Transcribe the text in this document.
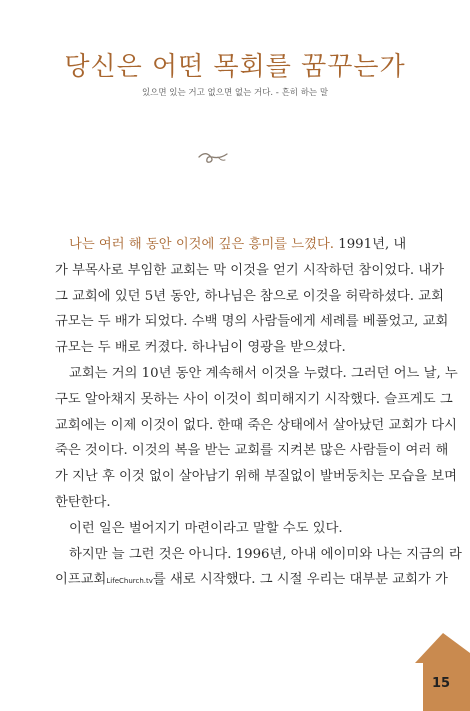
당신은 어떤 목회를 꿈꾸는가
있으면 있는 거고 없으면 없는 거다. - 흔히 하는 말
나는 여러 해 동안 이것에 깊은 흥미를 느꼈다. 1991년, 내
가 부목사로 부임한 교회는 막 이것을 얻기 시작하던 참이었다. 내가
그 교회에 있던 5년 동안, 하나님은 참으로 이것을 허락하셨다. 교회
규모는 두 배가 되었다. 수백 명의 사람들에게 세례를 베풀었고, 교회
규모는 두 배로 커졌다. 하나님이 영광을 받으셨다.
교회는 거의 10년 동안 계속해서 이것을 누렸다. 그러던 어느 날, 누
구도 알아채지 못하는 사이 이것이 희미해지기 시작했다. 슬프게도 그
교회에는 이제 이것이 없다. 한때 죽은 상태에서 살아났던 교회가 다시
죽은 것이다. 이것의 복을 받는 교회를 지켜본 많은 사람들이 여러 해
가 지난 후 이것 없이 살아남기 위해 부질없이 발버둥치는 모습을 보며
한탄한다.
이런 일은 벌어지기 마련이라고 말할 수도 있다.
하지만 늘 그런 것은 아니다. 1996년, 아내 에이미와 나는 지금의 라
이프교회LifeChurch.tv를 새로 시작했다. 그 시절 우리는 대부분 교회가 가
15
